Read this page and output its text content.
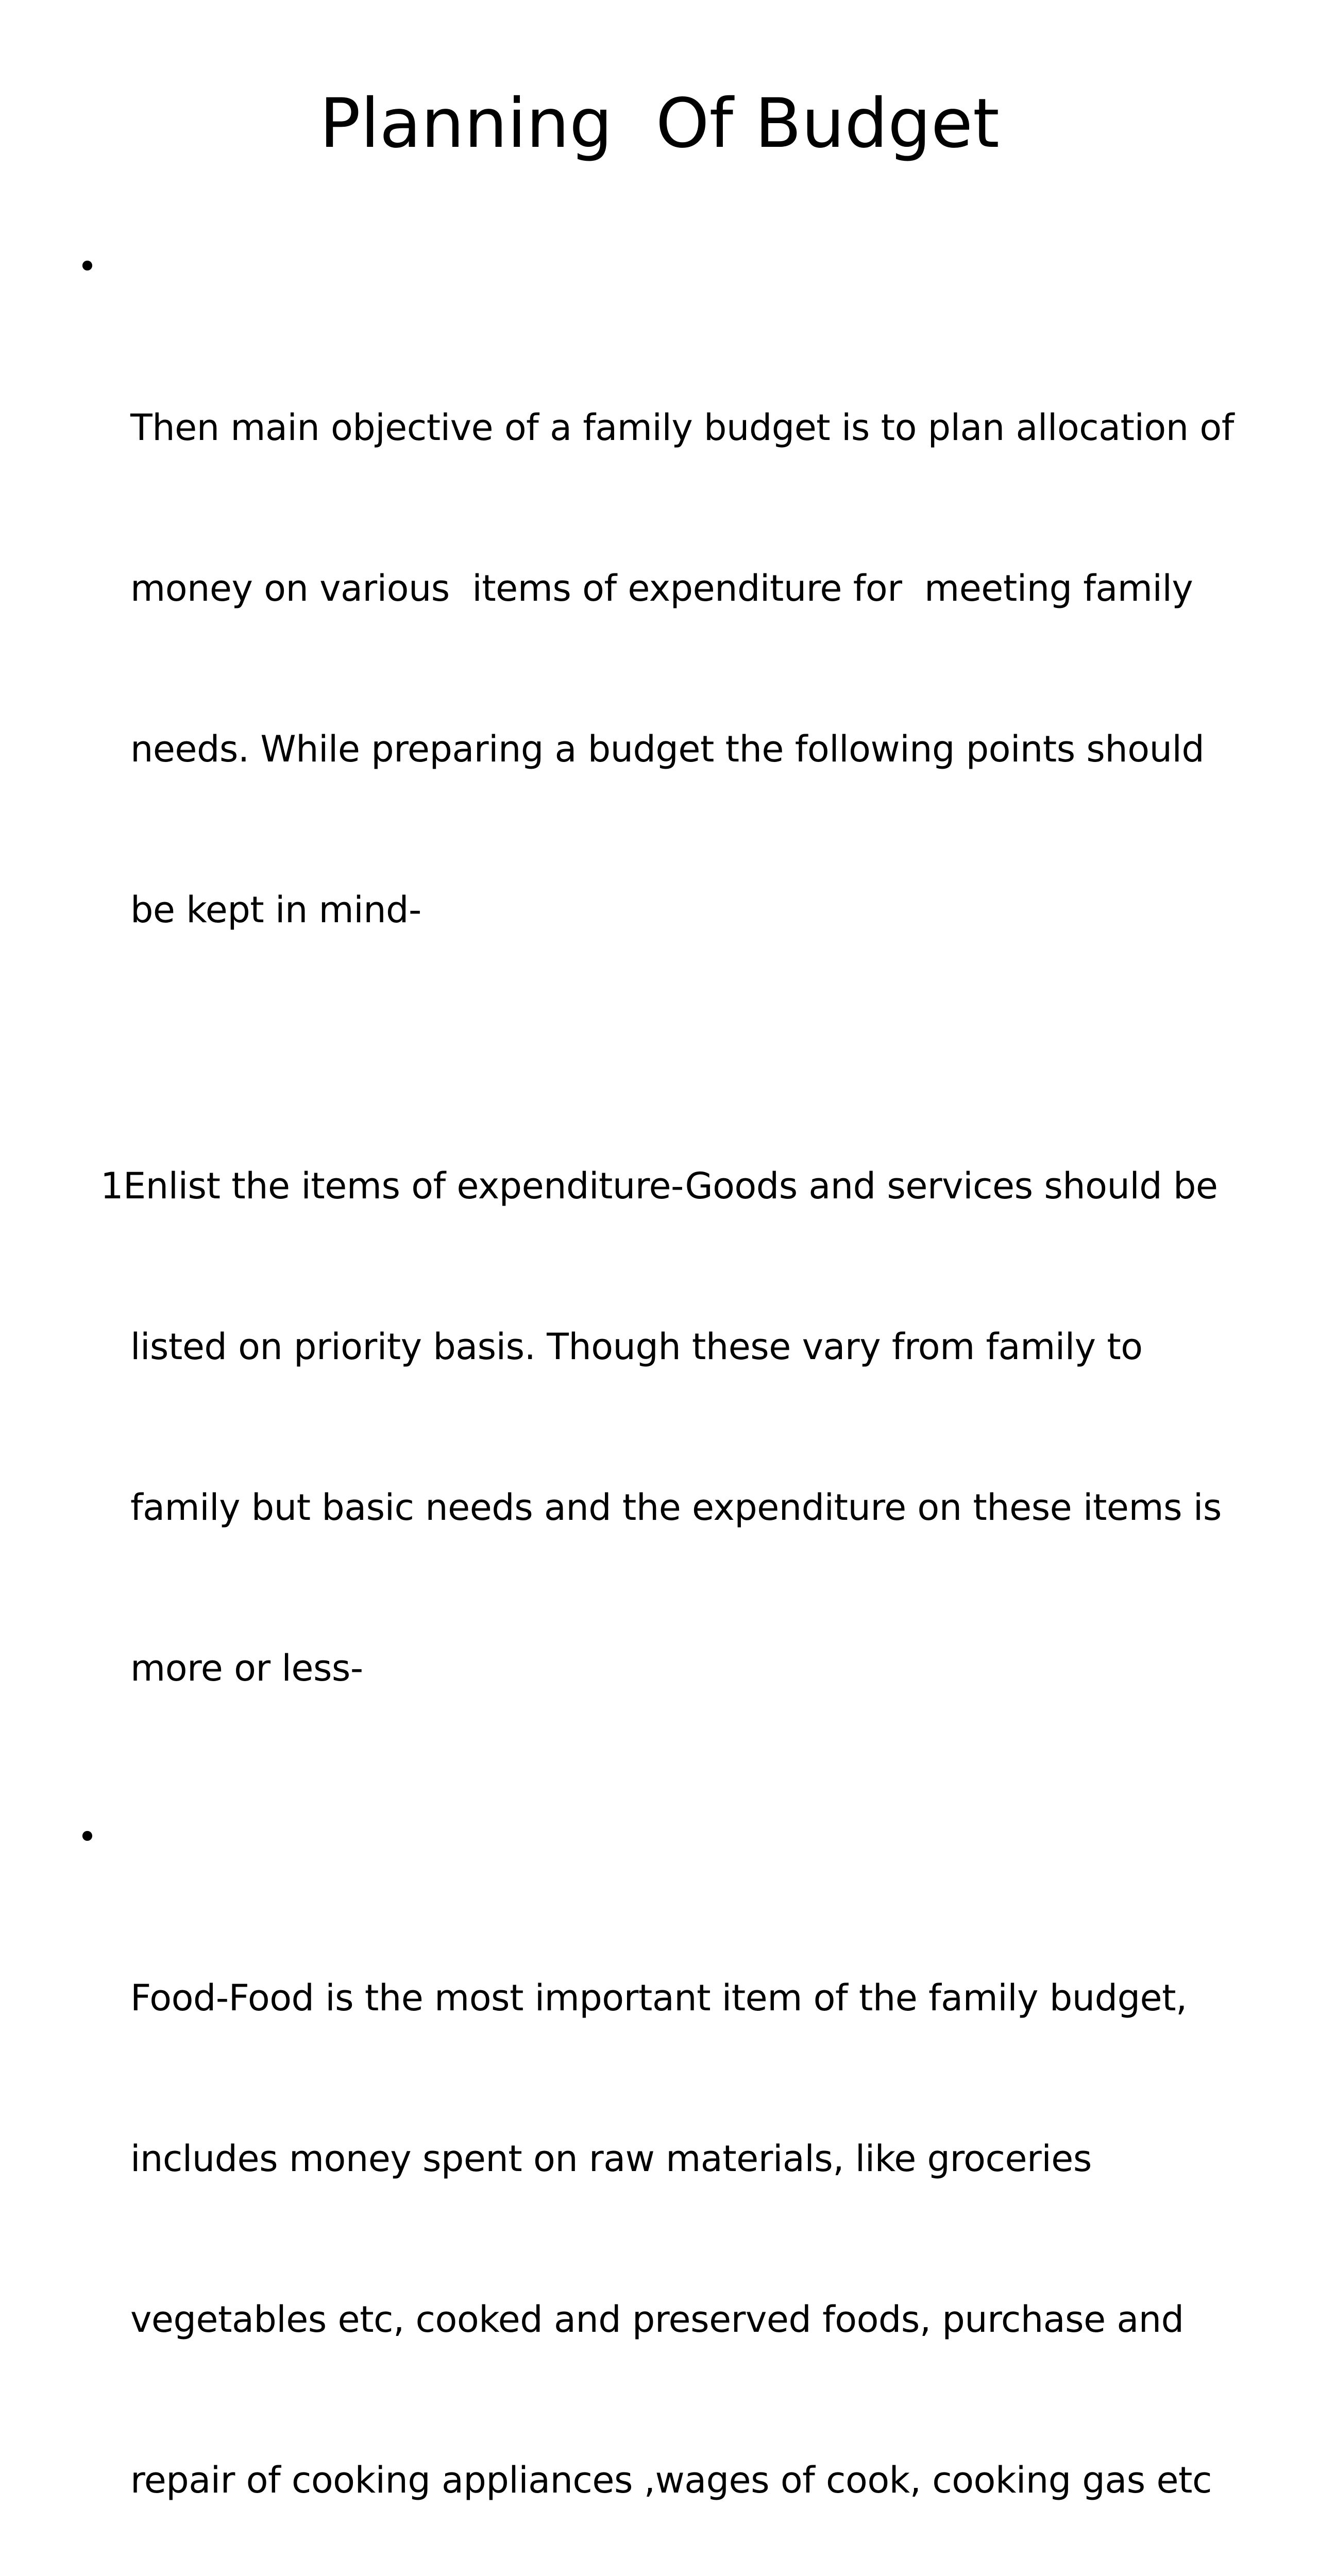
Planning  Of Budget

•

Then main objective of a family budget is to plan allocation of

money on various  items of expenditure for  meeting family

needs. While preparing a budget the following points should

be kept in mind-

1Enlist the items of expenditure-Goods and services should be

listed on priority basis. Though these vary from family to

family but basic needs and the expenditure on these items is

more or less-

•

Food-Food is the most important item of the family budget,

includes money spent on raw materials, like groceries

vegetables etc, cooked and preserved foods, purchase and

repair of cooking appliances ,wages of cook, cooking gas etc
